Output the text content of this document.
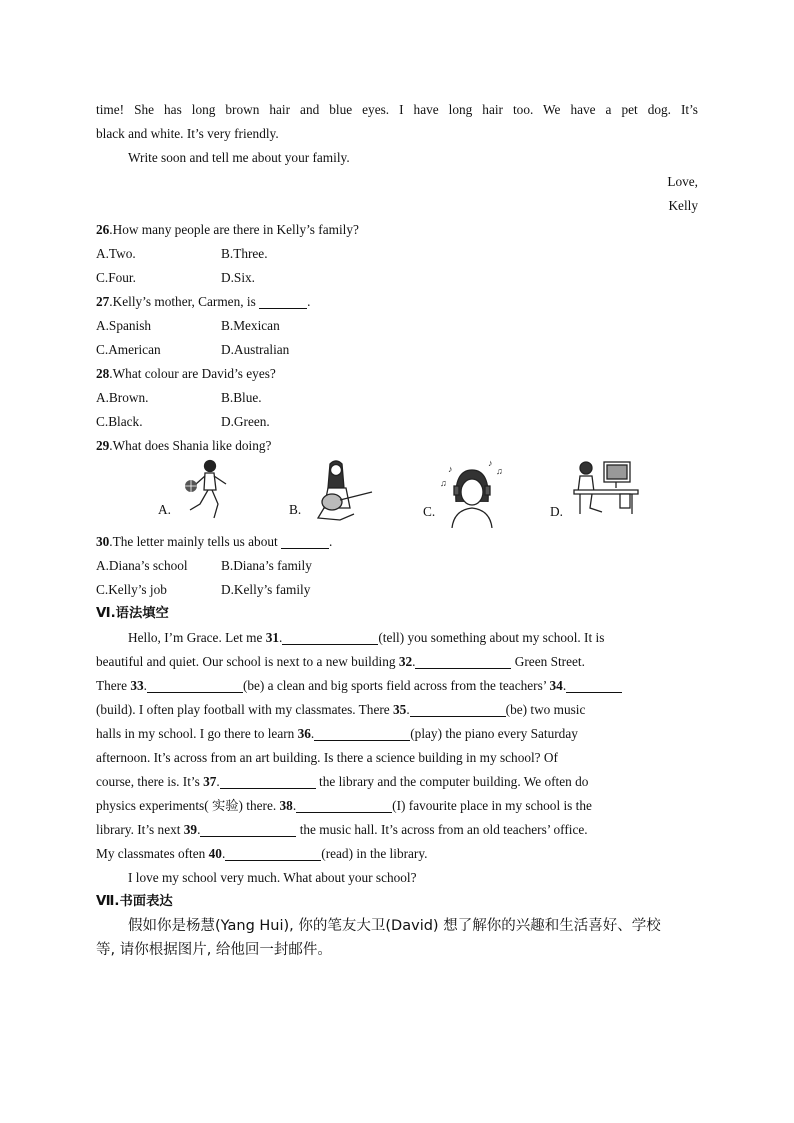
time! She has long brown hair and blue eyes. I have long hair too. We have a pet dog. It’s
black and white. It’s very friendly.
Write soon and tell me about your family.
Love,
Kelly
26.How many people are there in Kelly’s family?
A.Two.	B.Three.
C.Four.	D.Six.
27.Kelly’s mother, Carmen, is	.
A.Spanish	B.Mexican
C.American	D.Australian
28.What colour are David’s eyes?
A.Brown.	B.Blue.
C.Black.	D.Green.
29.What does Shania like doing?
A.	B.	C.
♪
♪
♫
♫
D.
30.The letter mainly tells us about	.
A.Diana’s school	B.Diana’s family
C.Kelly’s job	D.Kelly’s family
Ⅵ.语法填空
Hello, I’m Grace. Let me 31.	(tell) you something about my school. It is
beautiful and quiet. Our school is next to a new building 32.	Green Street.
There 33.	(be) a clean and big sports field across from the teachers’ 34.
(build). I often play football with my classmates. There 35.	(be) two music
halls in my school. I go there to learn 36.	(play) the piano every Saturday
afternoon. It’s across from an art building. Is there a science building in my school? Of
course, there is. It’s 37.	the library and the computer building. We often do
physics experiments( 实验) there. 38.	(I) favourite place in my school is the
library. It’s next 39.	the music hall. It’s across from an old teachers’ office.
My classmates often 40.	(read) in the library.
I love my school very much. What about your school?
Ⅶ.书面表达
假如你是杨慧(Yang Hui), 你的笔友大卫(David) 想了解你的兴趣和生活喜好、学校
等, 请你根据图片, 给他回一封邮件。
